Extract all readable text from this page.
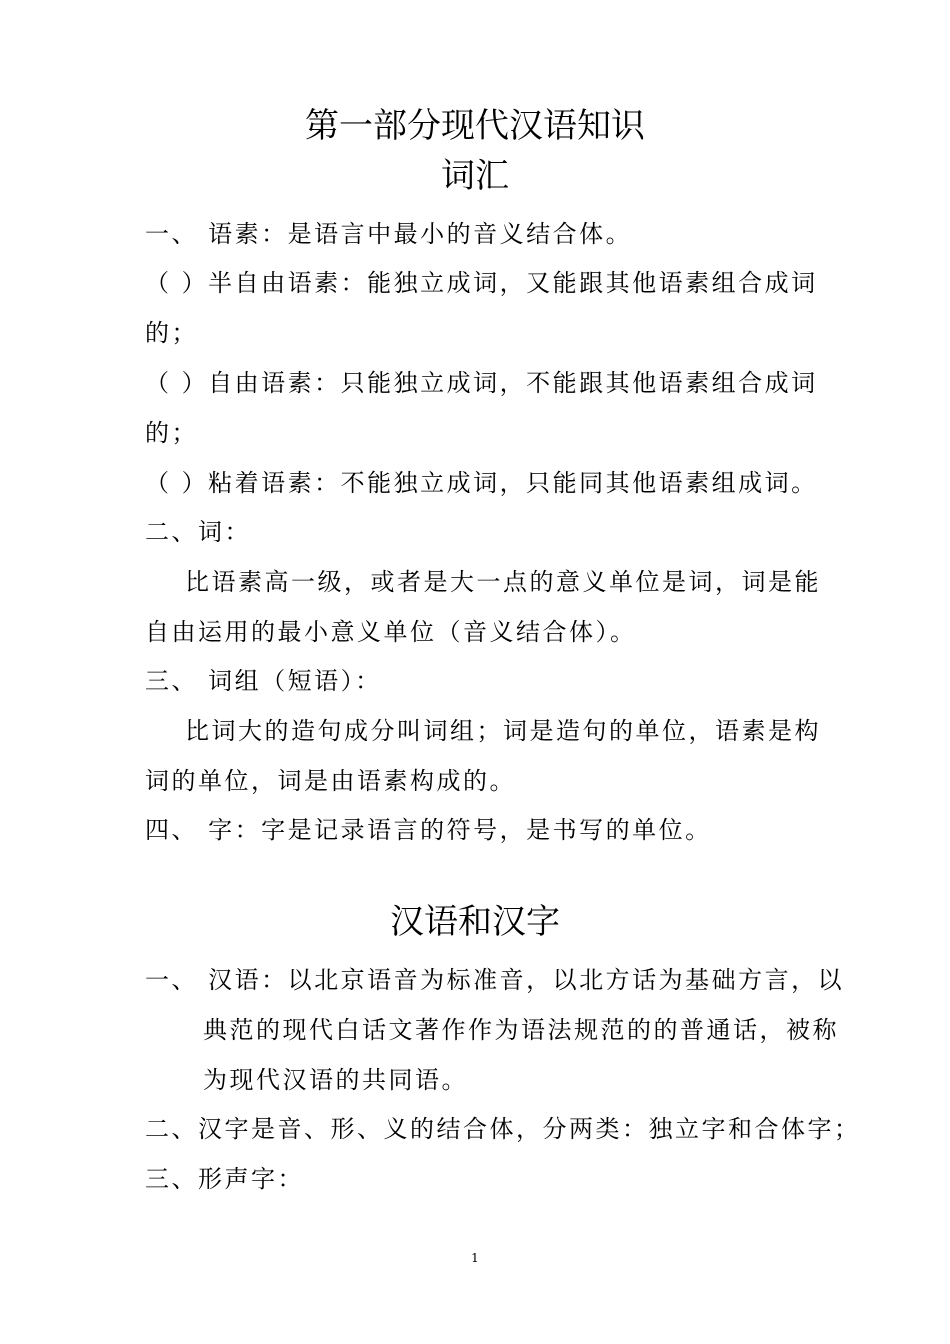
第一部分现代汉语知识
词汇
一、 语素：是语言中最小的音义结合体。
（ ）半自由语素：能独立成词，又能跟其他语素组合成词
的；
（ ）自由语素：只能独立成词，不能跟其他语素组合成词
的；
（ ）粘着语素：不能独立成词，只能同其他语素组成词。
二、词：
比语素高一级，或者是大一点的意义单位是词，词是能
自由运用的最小意义单位（音义结合体）。
三、 词组（短语）：
比词大的造句成分叫词组；词是造句的单位，语素是构
词的单位，词是由语素构成的。
四、 字：字是记录语言的符号，是书写的单位。
汉语和汉字
一、 汉语：以北京语音为标准音，以北方话为基础方言，以
典范的现代白话文著作作为语法规范的的普通话，被称
为现代汉语的共同语。
二、汉字是音、形、义的结合体，分两类：独立字和合体字；
三、形声字：
1
